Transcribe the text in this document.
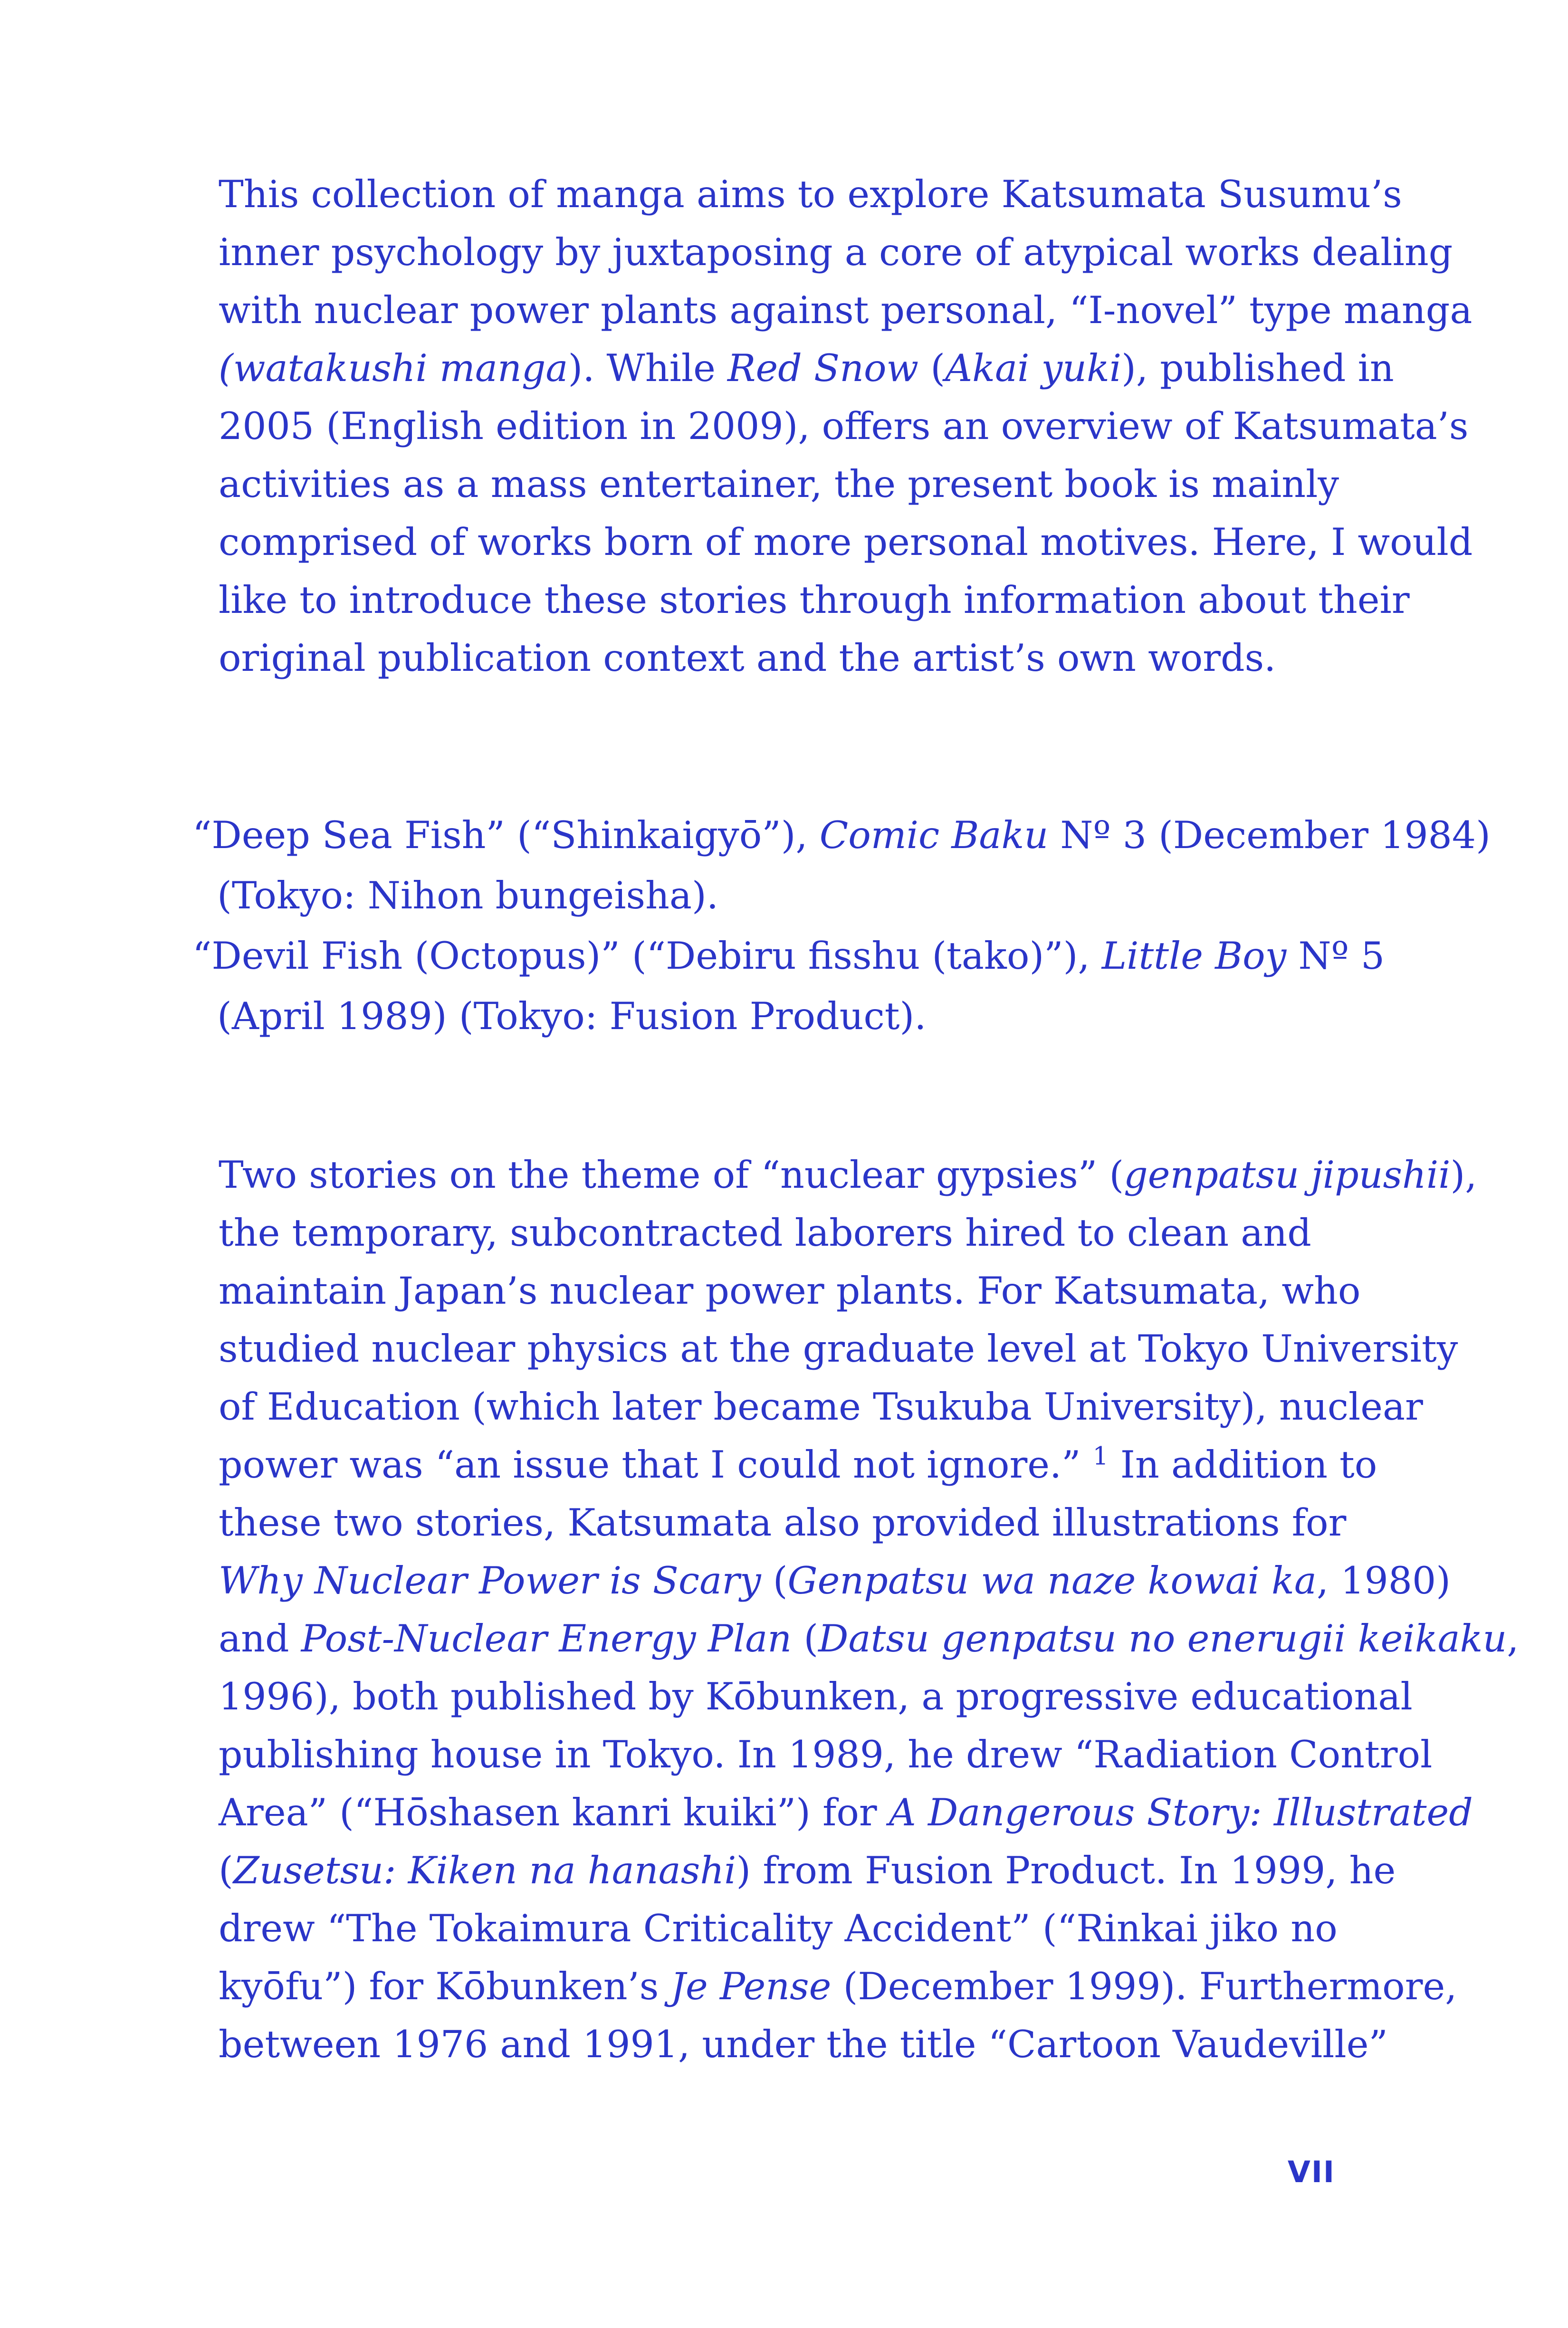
This collection of manga aims to explore Katsumata Susumu’s
inner psychology by juxtaposing a core of atypical works dealing
with nuclear power plants against personal, “I-novel” type manga
(watakushi manga). While Red Snow (Akai yuki), published in
2005 (English edition in 2009), offers an overview of Katsumata’s
activities as a mass entertainer, the present book is mainly
comprised of works born of more personal motives. Here, I would
like to introduce these stories through information about their
original publication context and the artist’s own words.
“Deep Sea Fish” (“Shinkaigyō”), Comic Baku Nº 3 (December 1984)
(Tokyo: Nihon bungeisha).
“Devil Fish (Octopus)” (“Debiru fisshu (tako)”), Little Boy Nº 5
(April 1989) (Tokyo: Fusion Product).
Two stories on the theme of “nuclear gypsies” (genpatsu jipushii),
the temporary, subcontracted laborers hired to clean and
maintain Japan’s nuclear power plants. For Katsumata, who
studied nuclear physics at the graduate level at Tokyo University
of Education (which later became Tsukuba University), nuclear
power was “an issue that I could not ignore.” $^1$ In addition to
these two stories, Katsumata also provided illustrations for
Why Nuclear Power is Scary (Genpatsu wa naze kowai ka, 1980)
and Post-Nuclear Energy Plan (Datsu genpatsu no enerugii keikaku,
1996), both published by Kōbunken, a progressive educational
publishing house in Tokyo. In 1989, he drew “Radiation Control
Area” (“Hōshasen kanri kuiki”) for A Dangerous Story: Illustrated
(Zusetsu: Kiken na hanashi) from Fusion Product. In 1999, he
drew “The Tokaimura Criticality Accident” (“Rinkai jiko no
kyōfu”) for Kōbunken’s Je Pense (December 1999). Furthermore,
between 1976 and 1991, under the title “Cartoon Vaudeville”
VII
